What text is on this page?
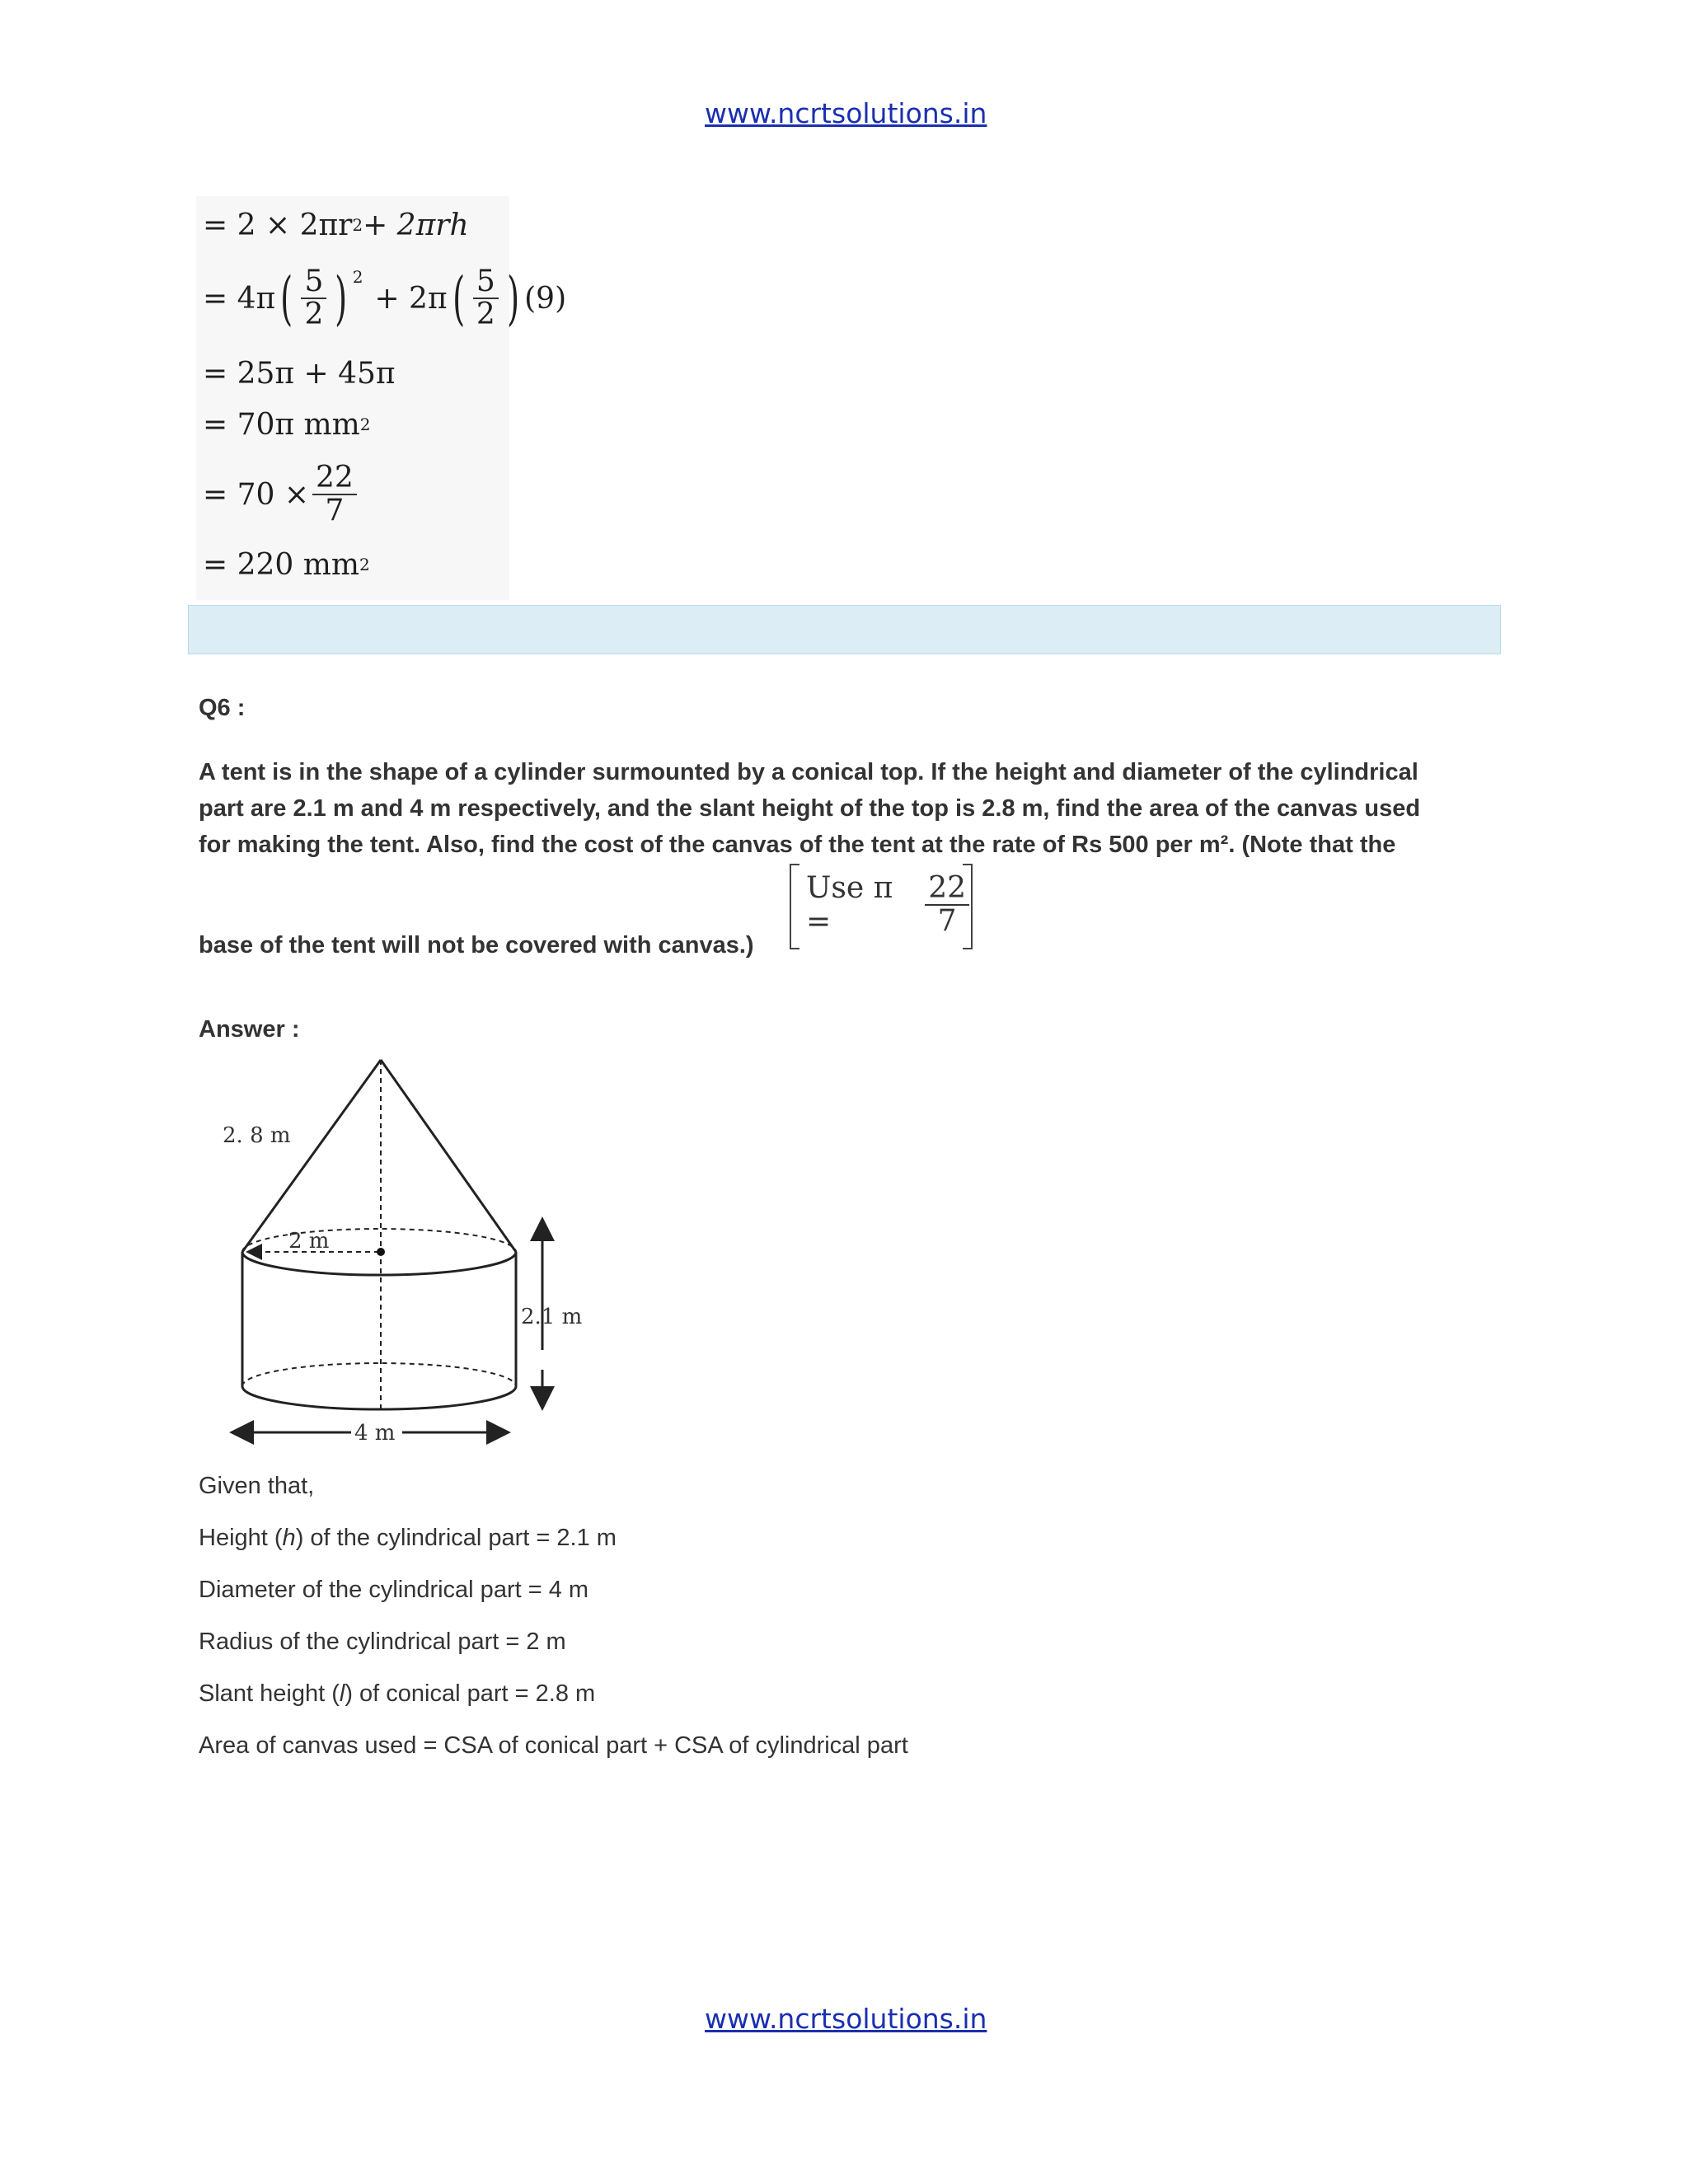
www.ncrtsolutions.in
= 2 × 2πr 2 + 2πrh
= 4π ( $\frac{5}{2}$ ) $^2$
+ 2π ( $\frac{5}{2}$ ) (9)
= 25π + 45π
= 70π mm 2
= $70 \times \frac{22}{7}$
= 220 mm 2
Q6 :

A tent is in the shape of a cylinder surmounted by a conical top. If the height and diameter of the cylindrical

part are 2.1 m and 4 m respectively, and the slant height of the top is 2.8 m, find the area of the canvas used

for making the tent. Also, find the cost of the canvas of the tent at the rate of Rs 500 per m². (Note that the

base of the tent will not be covered with canvas.)

Use π =	$\frac{22}{7}$
Answer :
2. 8 m
2 m
2.1 m
4 m
Given that,
Height (h) of the cylindrical part = 2.1 m
Diameter of the cylindrical part = 4 m
Radius of the cylindrical part = 2 m
Slant height (l) of conical part = 2.8 m
Area of canvas used = CSA of conical part + CSA of cylindrical part
www.ncrtsolutions.in
